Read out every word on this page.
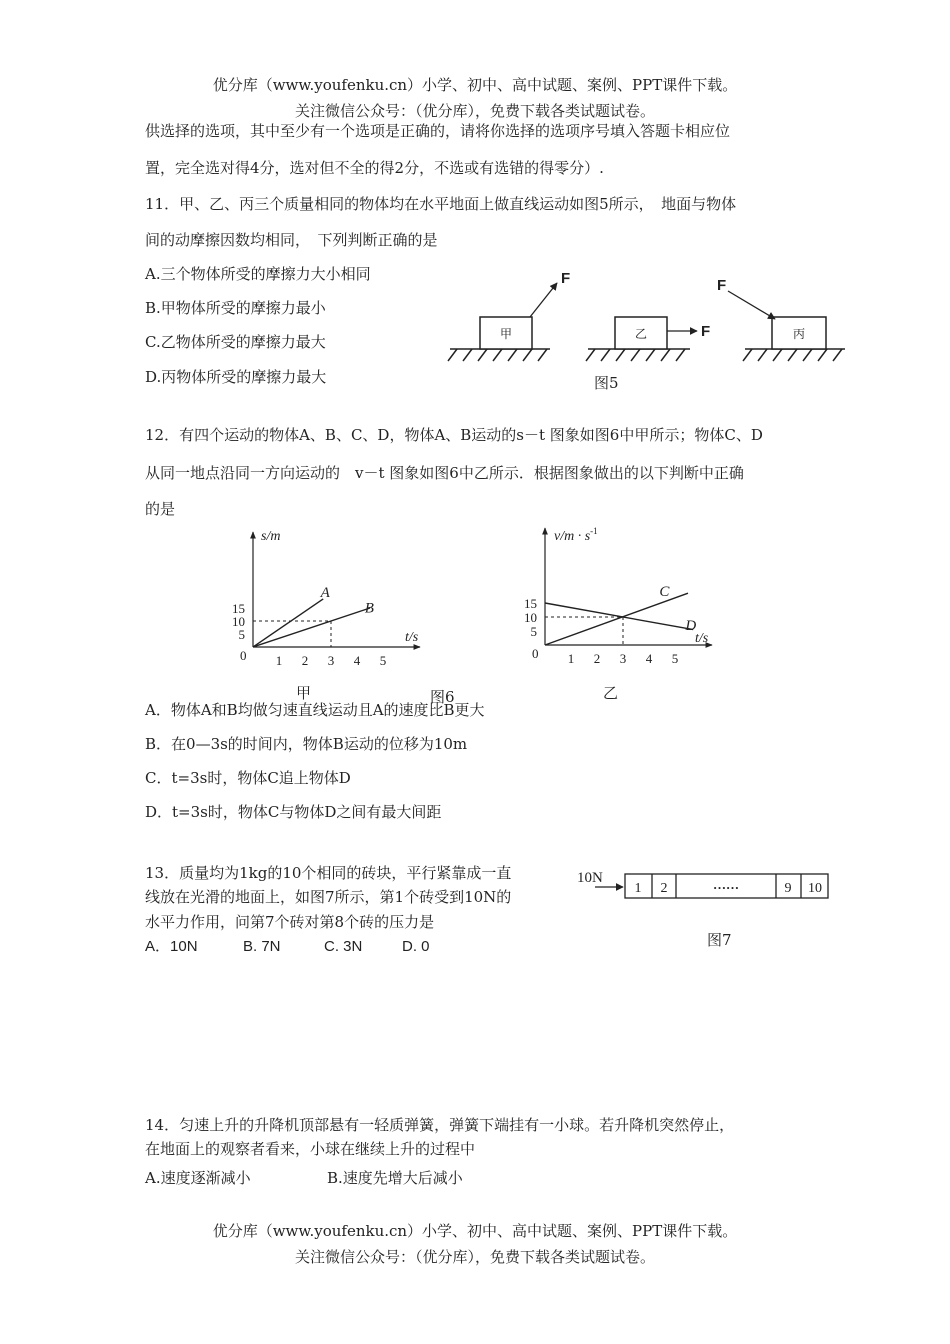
优分库（www.youfenku.cn）小学、初中、高中试题、案例、PPT课件下载。
关注微信公众号：（优分库），免费下载各类试题试卷。
供选择的选项，其中至少有一个选项是正确的，请将你选择的选项序号填入答题卡相应位
置，完全选对得4分，选对但不全的得2分，不选或有选错的得零分）.
11．甲、乙、丙三个质量相同的物体均在水平地面上做直线运动如图5所示，　地面与物体
间的动摩擦因数均相同，　下列判断正确的是
A.三个物体所受的摩擦力大小相同
B.甲物体所受的摩擦力最小
C.乙物体所受的摩擦力最大
D.丙物体所受的摩擦力最大
甲
F
乙	F	丙
F
图5
12．有四个运动的物体A、B、C、D，物体A、B运动的s－t 图象如图6中甲所示；物体C、D
从同一地点沿同一方向运动的　v－t 图象如图6中乙所示．根据图象做出的以下判断中正确
的是
1 2 3 4 5
5
10
15
A
B
s/m
t/s
0
甲
1 2 3 4 5
5
10
15
C
D
$v/m \cdot s^{-1}$
t/s
0
乙
图6
A．物体A和B均做匀速直线运动且A的速度比B更大
B．在0—3s的时间内，物体B运动的位移为10m
C．t=3s时，物体C追上物体D
D．t=3s时，物体C与物体D之间有最大间距
13．质量均为1kg的10个相同的砖块，平行紧靠成一直
线放在光滑的地面上，如图7所示，第1个砖受到10N的
水平力作用，问第7个砖对第8个砖的压力是
A．10N	B. 7N	C. 3N	D. 0
10N
1 2	……	9 10
图7
14．匀速上升的升降机顶部悬有一轻质弹簧，弹簧下端挂有一小球。若升降机突然停止，
在地面上的观察者看来，小球在继续上升的过程中
A.速度逐渐减小	B.速度先增大后减小
优分库（www.youfenku.cn）小学、初中、高中试题、案例、PPT课件下载。
关注微信公众号：（优分库），免费下载各类试题试卷。
